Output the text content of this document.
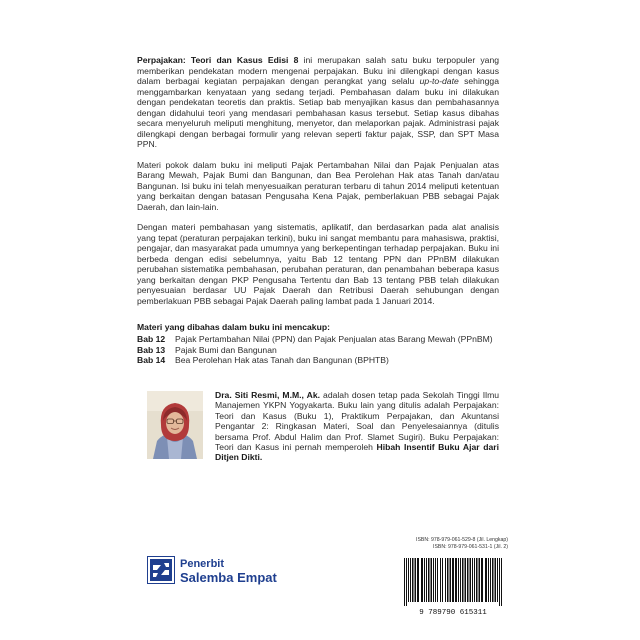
Perpajakan: Teori dan Kasus Edisi 8 ini merupakan salah satu buku terpopuler yang memberikan pendekatan modern mengenai perpajakan. Buku ini dilengkapi dengan kasus dalam berbagai kegiatan perpajakan dengan perangkat yang selalu up-to-date sehingga menggambarkan kenyataan yang sedang terjadi. Pembahasan dalam buku ini dilakukan dengan pendekatan teoretis dan praktis. Setiap bab menyajikan kasus dan pembahasannya dengan didahului teori yang mendasari pembahasan kasus tersebut. Setiap kasus dibahas secara menyeluruh meliputi menghitung, menyetor, dan melaporkan pajak. Administrasi pajak dilengkapi dengan berbagai formulir yang relevan seperti faktur pajak, SSP, dan SPT Masa PPN.

Materi pokok dalam buku ini meliputi Pajak Pertambahan Nilai dan Pajak Penjualan atas Barang Mewah, Pajak Bumi dan Bangunan, dan Bea Perolehan Hak atas Tanah dan/atau Bangunan. Isi buku ini telah menyesuaikan peraturan terbaru di tahun 2014 meliputi ketentuan yang berkaitan dengan batasan Pengusaha Kena Pajak, pemberlakuan PBB sebagai Pajak Daerah, dan lain-lain.

Dengan materi pembahasan yang sistematis, aplikatif, dan berdasarkan pada alat analisis yang tepat (peraturan perpajakan terkini), buku ini sangat membantu para mahasiswa, praktisi, pengajar, dan masyarakat pada umumnya yang berkepentingan terhadap perpajakan. Buku ini berbeda dengan edisi sebelumnya, yaitu Bab 12 tentang PPN dan PPnBM dilakukan perubahan sistematika pembahasan, perubahan peraturan, dan penambahan beberapa kasus yang berkaitan dengan PKP Pengusaha Tertentu dan Bab 13 tentang PBB telah dilakukan penyesuaian berdasar UU Pajak Daerah dan Retribusi Daerah sehubungan dengan pemberlakuan PBB sebagai Pajak Daerah paling lambat pada 1 Januari 2014.

Materi yang dibahas dalam buku ini mencakup:
Bab 12	Pajak Pertambahan Nilai (PPN) dan Pajak Penjualan atas Barang Mewah (PPnBM)
Bab 13	Pajak Bumi dan Bangunan
Bab 14	Bea Perolehan Hak atas Tanah dan Bangunan (BPHTB)
Dra. Siti Resmi, M.M., Ak. adalah dosen tetap pada Sekolah Tinggi Ilmu Manajemen YKPN Yogyakarta. Buku lain yang ditulis adalah Perpajakan: Teori dan Kasus (Buku 1), Praktikum Perpajakan, dan Akuntansi Pengantar 2: Ringkasan Materi, Soal dan Penyelesaiannya (ditulis bersama Prof. Abdul Halim dan Prof. Slamet Sugiri). Buku Perpajakan: Teori dan Kasus ini pernah memperoleh Hibah Insentif Buku Ajar dari Ditjen Dikti.
Penerbit
Salemba Empat
ISBN: 978-979-061-529-8 (Jil. Lengkap)
ISBN: 978-979-061-531-1 (Jil. 2)
9 789790 615311
